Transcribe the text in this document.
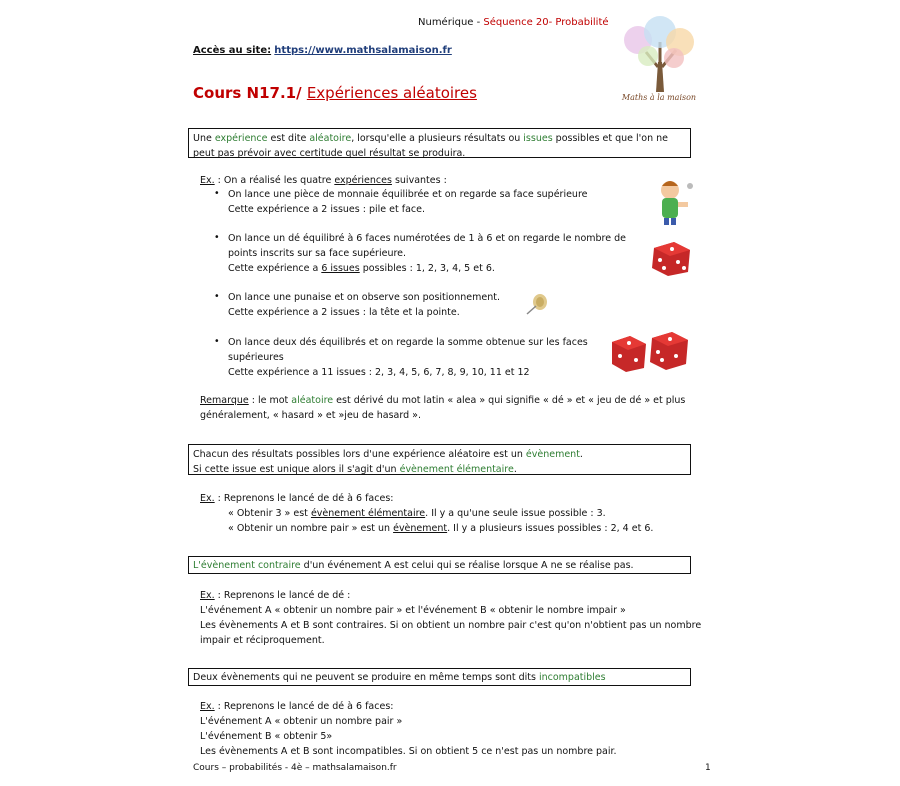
Numérique - Séquence 20- Probabilité
Accès au site: https://www.mathsalamaison.fr
Cours N17.1/ Expériences aléatoires	Maths à la maison
Une expérience est dite aléatoire, lorsqu'elle a plusieurs résultats ou issues possibles et que l'on ne
peut pas prévoir avec certitude quel résultat se produira.
Ex. : On a réalisé les quatre expériences suivantes :
• On lance une pièce de monnaie équilibrée et on regarde sa face supérieure
Cette expérience a 2 issues : pile et face.
• On lance un dé équilibré à 6 faces numérotées de 1 à 6 et on regarde le nombre de
points inscrits sur sa face supérieure.
Cette expérience a 6 issues possibles : 1, 2, 3, 4, 5 et 6.
• On lance une punaise et on observe son positionnement.
Cette expérience a 2 issues : la tête et la pointe.
• On lance deux dés équilibrés et on regarde la somme obtenue sur les faces
supérieures
Cette expérience a 11 issues : 2, 3, 4, 5, 6, 7, 8, 9, 10, 11 et 12
Remarque : le mot aléatoire est dérivé du mot latin « alea » qui signifie « dé » et « jeu de dé » et plus
généralement, « hasard » et »jeu de hasard ».
Chacun des résultats possibles lors d'une expérience aléatoire est un évènement.
Si cette issue est unique alors il s'agit d'un évènement élémentaire.
Ex. : Reprenons le lancé de dé à 6 faces:
« Obtenir 3 » est évènement élémentaire. Il y a qu'une seule issue possible : 3.
« Obtenir un nombre pair » est un évènement. Il y a plusieurs issues possibles : 2, 4 et 6.
L'évènement contraire d'un événement A est celui qui se réalise lorsque A ne se réalise pas.
Ex. : Reprenons le lancé de dé :
L'événement A « obtenir un nombre pair » et l'événement B « obtenir le nombre impair »
Les évènements A et B sont contraires. Si on obtient un nombre pair c'est qu'on n'obtient pas un nombre
impair et réciproquement.
Deux évènements qui ne peuvent se produire en même temps sont dits incompatibles
Ex. : Reprenons le lancé de dé à 6 faces:
L'événement A « obtenir un nombre pair »
L'événement B « obtenir 5»
Les évènements A et B sont incompatibles. Si on obtient 5 ce n'est pas un nombre pair.
Cours – probabilités - 4è – mathsalamaison.fr	1
